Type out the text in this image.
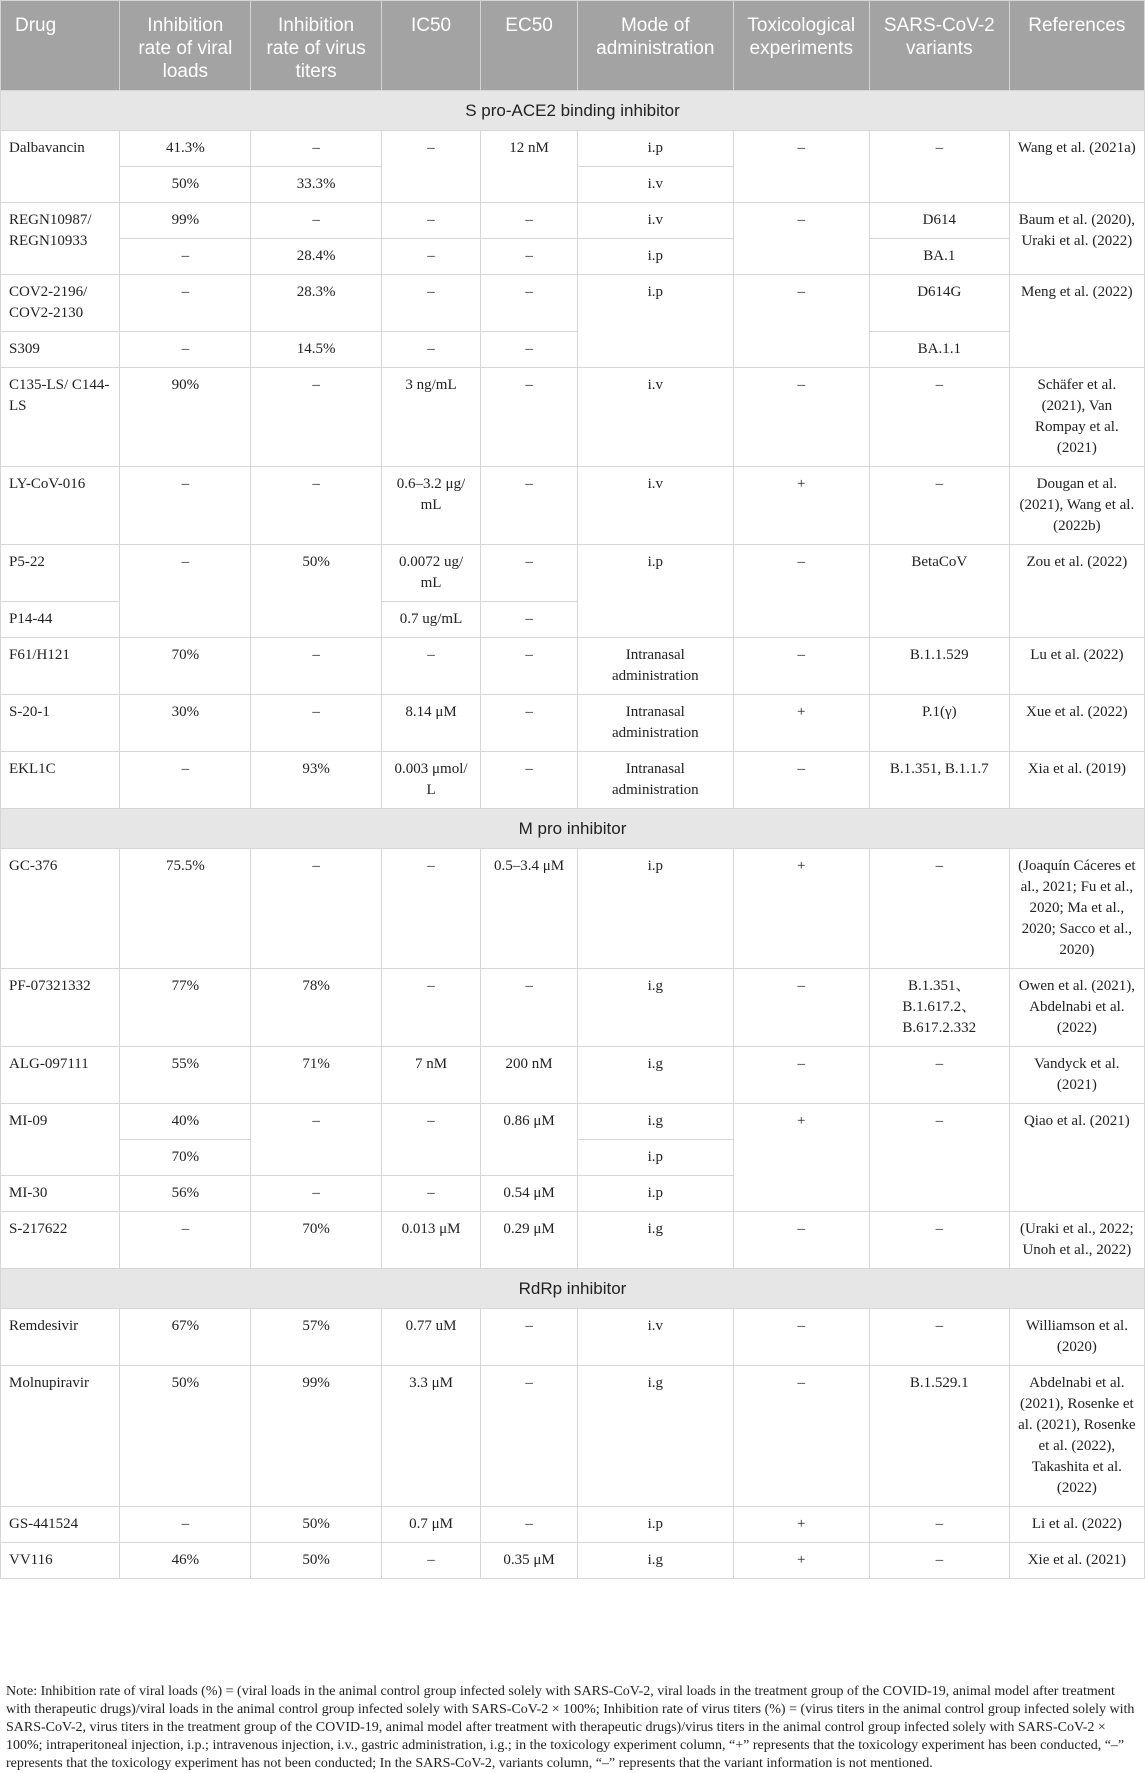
Drug	Inhibition rate of viral loads	Inhibition rate of virus titers	IC50	EC50	Mode of administration	Toxicological experiments	SARS-CoV-2 variants	References
S pro-ACE2 binding inhibitor								
Dalbavancin	41.3%	–	–	12 nM	i.p	–	–	Wang et al. (2021a)
	50%	33.3%			i.v			
REGN10987/ REGN10933	99%	–	–	–	i.v	–	D614	Baum et al. (2020), Uraki et al. (2022)
	–	28.4%	–	–	i.p		BA.1	
COV2-2196/ COV2-2130	–	28.3%	–	–	i.p	–	D614G	Meng et al. (2022)
S309	–	14.5%	–	–			BA.1.1	
C135-LS/ C144-LS	90%	–	3 ng/mL	–	i.v	–	–	Schäfer et al. (2021), Van Rompay et al. (2021)
LY-CoV-016	–	–	0.6–3.2 μg/ mL	–	i.v	+	–	Dougan et al. (2021), Wang et al. (2022b)
P5-22	–	50%	0.0072 ug/ mL	–	i.p	–	BetaCoV	Zou et al. (2022)
P14-44			0.7 ug/mL	–				
F61/H121	70%	–	–	–	Intranasal administration	–	B.1.1.529	Lu et al. (2022)
S-20-1	30%	–	8.14 μM	–	Intranasal administration	+	P.1(γ)	Xue et al. (2022)
EKL1C	–	93%	0.003 μmol/ L	–	Intranasal administration	–	B.1.351, B.1.1.7	Xia et al. (2019)
M pro inhibitor								
GC-376	75.5%	–	–	0.5–3.4 μM	i.p	+	–	(Joaquín Cáceres et al., 2021; Fu et al., 2020; Ma et al., 2020; Sacco et al., 2020)
PF-07321332	77%	78%	–	–	i.g	–	B.1.351、 B.1.617.2、 B.617.2.332	Owen et al. (2021), Abdelnabi et al. (2022)
ALG-097111	55%	71%	7 nM	200 nM	i.g	–	–	Vandyck et al. (2021)
MI-09	40%	–	–	0.86 μM	i.g	+	–	Qiao et al. (2021)
	70%				i.p			
MI-30	56%	–	–	0.54 μM	i.p			
S-217622	–	70%	0.013 μM	0.29 μM	i.g	–	–	(Uraki et al., 2022; Unoh et al., 2022)
RdRp inhibitor								
Remdesivir	67%	57%	0.77 uM	–	i.v	–	–	Williamson et al. (2020)
Molnupiravir	50%	99%	3.3 μM	–	i.g	–	B.1.529.1	Abdelnabi et al. (2021), Rosenke et al. (2021), Rosenke et al. (2022), Takashita et al. (2022)
GS-441524	–	50%	0.7 μM	–	i.p	+	–	Li et al. (2022)
VV116	46%	50%	–	0.35 μM	i.g	+	–	Xie et al. (2021)
Note: Inhibition rate of viral loads (%) = (viral loads in the animal control group infected solely with SARS-CoV-2, viral loads in the treatment group of the COVID-19, animal model after treatment with therapeutic drugs)/viral loads in the animal control group infected solely with SARS-CoV-2 × 100%; Inhibition rate of virus titers (%) = (virus titers in the animal control group infected solely with SARS-CoV-2, virus titers in the treatment group of the COVID-19, animal model after treatment with therapeutic drugs)/virus titers in the animal control group infected solely with SARS-CoV-2 × 100%; intraperitoneal injection, i.p.; intravenous injection, i.v., gastric administration, i.g.; in the toxicology experiment column, “+” represents that the toxicology experiment has been conducted, “–” represents that the toxicology experiment has not been conducted; In the SARS-CoV-2, variants column, “–” represents that the variant information is not mentioned.
